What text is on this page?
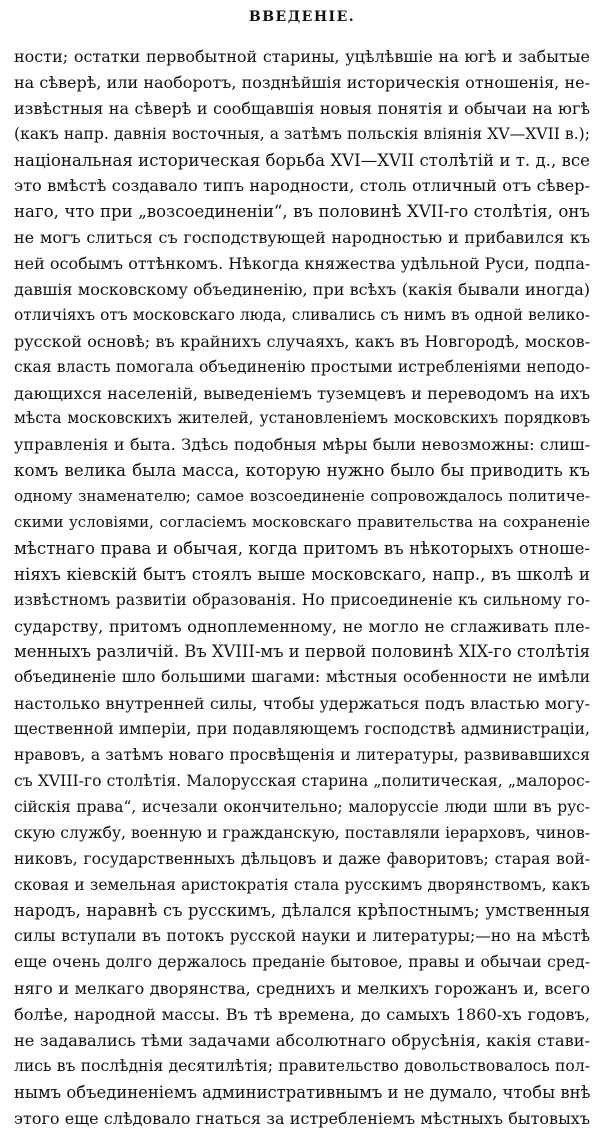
ВВЕДЕНІЕ.
ности; остатки первобытной старины, уцѣлѣвшіе на югѣ и забытые
на сѣверѣ, или наоборотъ, позднѣйшія историческія отношенія, не-
извѣстныя на сѣверѣ и сообщавшія новыя понятія и обычаи на югѣ
(какъ напр. давнія восточныя, а затѣмъ польскія вліянія XV—XVII в.);
національная историческая борьба XVI—XVII столѣтій и т. д., все
это вмѣстѣ создавало типъ народности, столь отличный отъ сѣвер-
наго, что при „возсоединеніи“, въ половинѣ XVII-го столѣтія, онъ
не могъ слиться съ господствующей народностью и прибавился къ
ней особымъ оттѣнкомъ. Нѣкогда княжества удѣльной Руси, подпа-
давшія московскому объединенію, при всѣхъ (какія бывали иногда)
отличіяхъ отъ московскаго люда, сливались съ нимъ въ одной велико-
русской основѣ; въ крайнихъ случаяхъ, какъ въ Новгородѣ, москов-
ская власть помогала объединенію простыми истребленіями неподо-
дающихся населеній, выведеніемъ туземцевъ и переводомъ на ихъ
мѣста московскихъ жителей, установленіемъ московскихъ порядковъ
управленія и быта. Здѣсь подобныя мѣры были невозможны: слиш-
комъ велика была масса, которую нужно было бы приводить къ
одному знаменателю; самое возсоединеніе сопровождалось политиче-
скими условіями, согласіемъ московскаго правительства на сохраненіе
мѣстнаго права и обычая, когда притомъ въ нѣкоторыхъ отноше-
ніяхъ кіевскій бытъ стоялъ выше московскаго, напр., въ школѣ и
извѣстномъ развитіи образованія. Но присоединеніе къ сильному го-
сударству, притомъ одноплеменному, не могло не сглаживать пле-
менныхъ различій. Въ XVIII-мъ и первой половинѣ XIX-го столѣтія
объединеніе шло большими шагами: мѣстныя особенности не имѣли
настолько внутренней силы, чтобы удержаться подъ властью могу-
щественной имперіи, при подавляющемъ господствѣ администраціи,
нравовъ, а затѣмъ новаго просвѣщенія и литературы, развивавшихся
съ XVIII-го столѣтія. Малорусская старина „политическая, „малорос-
сійскія права“, исчезали окончительно; малоруссіе люди шли въ рус-
скую службу, военную и гражданскую, поставляли іерарховъ, чинов-
никовъ, государственныхъ дѣльцовъ и даже фаворитовъ; старая вой-
сковая и земельная аристократія стала русскимъ дворянствомъ, какъ
народъ, наравнѣ съ русскимъ, дѣлался крѣпостнымъ; умственныя
силы вступали въ потокъ русской науки и литературы;—но на мѣстѣ
еще очень долго держалось преданіе бытовое, правы и обычаи сред-
няго и мелкаго дворянства, среднихъ и мелкихъ горожанъ и, всего
болѣе, народной массы. Въ тѣ времена, до самыхъ 1860-хъ годовъ,
не задавались тѣми задачами абсолютнаго обрусѣнія, какія стави-
лись въ послѣднія десятилѣтія; правительство довольствовалось пол-
нымъ объединеніемъ административнымъ и не думало, чтобы внѣ
этого еще слѣдовало гнаться за истребленіемъ мѣстныхъ бытовыхъ
